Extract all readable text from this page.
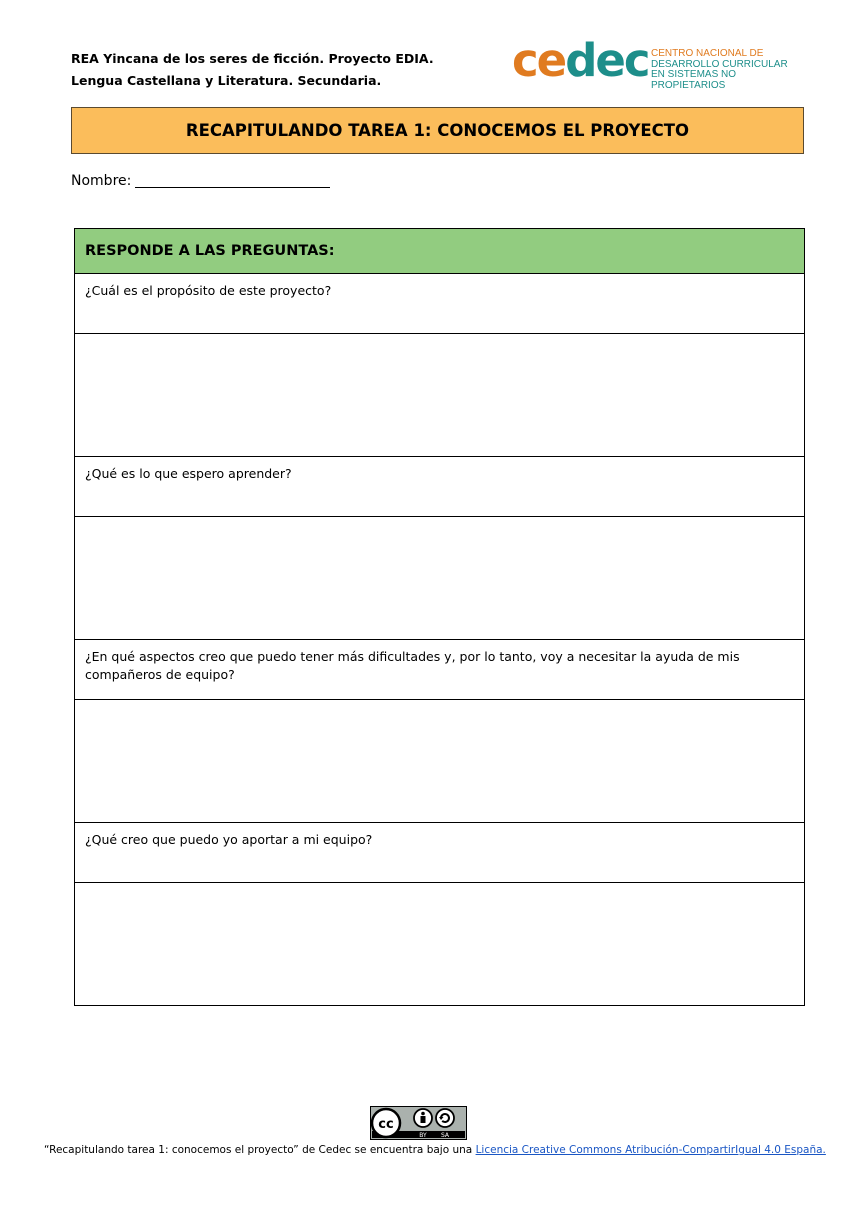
REA Yincana de los seres de ficción. Proyecto EDIA.
Lengua Castellana y Literatura. Secundaria.	cedec CENTRO NACIONAL DE
DESARROLLO CURRICULAR
EN SISTEMAS NO PROPIETARIOS
RECAPITULANDO TAREA 1: CONOCEMOS EL PROYECTO
Nombre:
RESPONDE A LAS PREGUNTAS:
¿Cuál es el propósito de este proyecto?

¿Qué es lo que espero aprender?

¿En qué aspectos creo que puedo tener más dificultades y, por lo tanto, voy a necesitar la ayuda de mis compañeros de equipo?

¿Qué creo que puedo yo aportar a mi equipo?

cc
BY SA
“Recapitulando tarea 1: conocemos el proyecto” de Cedec se encuentra bajo una Licencia Creative Commons Atribución-CompartirIgual 4.0 España.
